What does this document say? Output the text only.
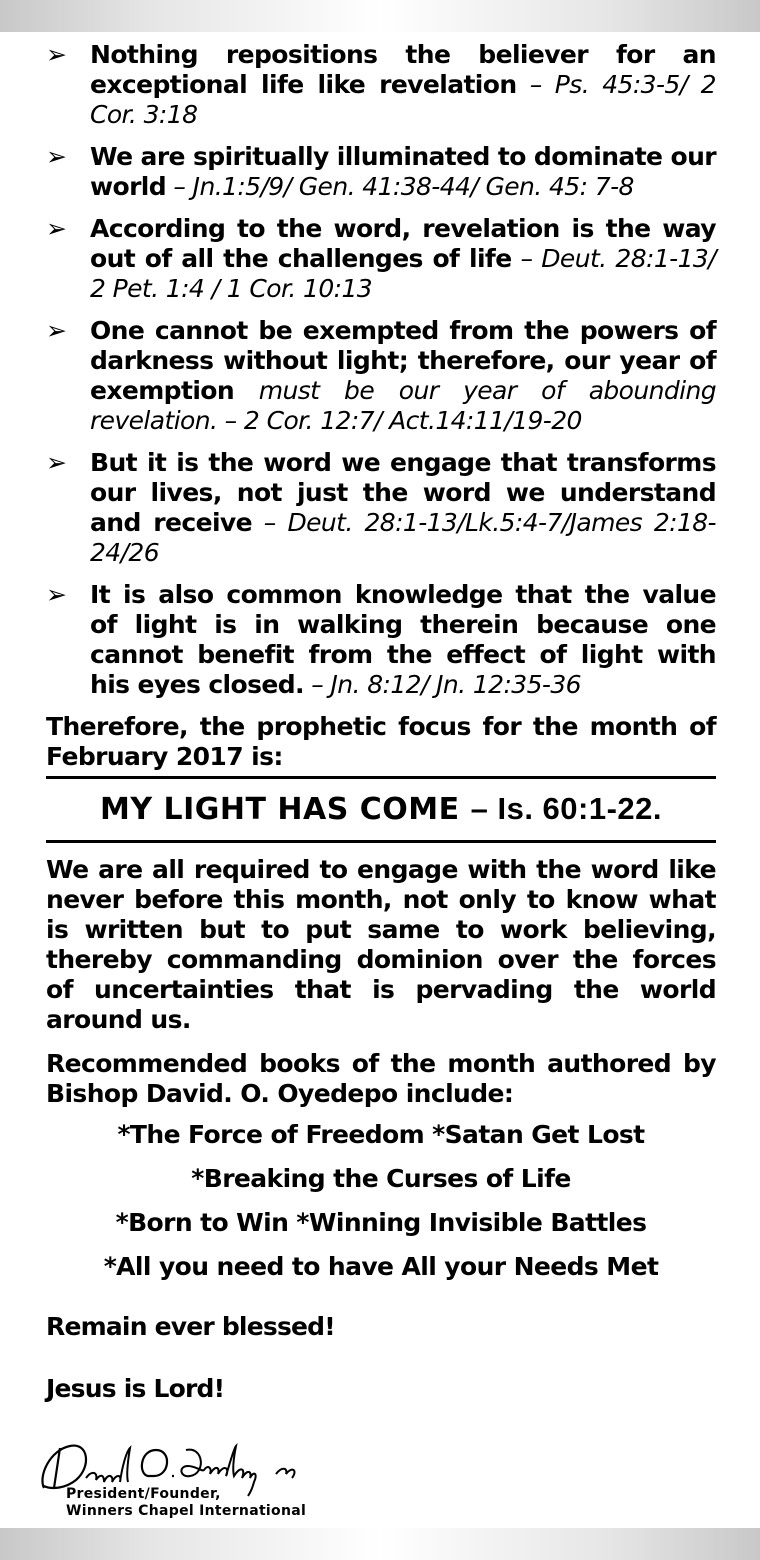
➢ Nothing repositions the believer for an exceptional life like revelation – Ps. 45:3-5/ 2 Cor. 3:18
➢ We are spiritually illuminated to dominate our world – Jn.1:5/9/ Gen. 41:38-44/ Gen. 45: 7-8
➢ According to the word, revelation is the way out of all the challenges of life – Deut. 28:1-13/ 2 Pet. 1:4 / 1 Cor. 10:13
➢ One cannot be exempted from the powers of darkness without light; therefore, our year of exemption must be our year of abounding revelation. – 2 Cor. 12:7/ Act.14:11/19-20
➢ But it is the word we engage that transforms our lives, not just the word we understand and receive – Deut. 28:1-13/Lk.5:4-7/James 2:18-24/26
➢ It is also common knowledge that the value of light is in walking therein because one cannot benefit from the effect of light with his eyes closed. – Jn. 8:12/ Jn. 12:35-36
Therefore, the prophetic focus for the month of February 2017 is:
MY LIGHT HAS COME – Is. 60:1-22.
We are all required to engage with the word like never before this month, not only to know what is written but to put same to work believing, thereby commanding dominion over the forces of uncertainties that is pervading the world around us.
Recommended books of the month authored by Bishop David. O. Oyedepo include:
*The Force of Freedom *Satan Get Lost
*Breaking the Curses of Life
*Born to Win *Winning Invisible Battles
*All you need to have All your Needs Met
Remain ever blessed!
Jesus is Lord!
David O. Oyedepo
President/Founder,
Winners Chapel International
